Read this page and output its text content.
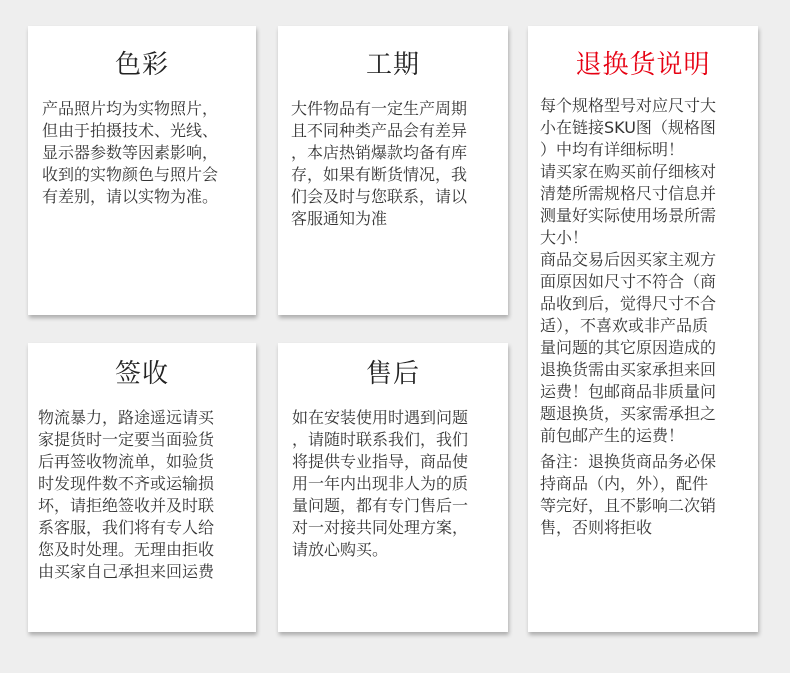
色彩

产品照片均为实物照片，

但由于拍摄技术、光线、

显示器参数等因素影响，

收到的实物颜色与照片会

有差别，请以实物为准。

工期

大件物品有一定生产周期

且不同种类产品会有差异

，本店热销爆款均备有库

存，如果有断货情况，我

们会及时与您联系，请以

客服通知为准

退换货说明

每个规格型号对应尺寸大

小在链接SKU图（规格图

）中均有详细标明！

请买家在购买前仔细核对

清楚所需规格尺寸信息并

测量好实际使用场景所需

大小！

商品交易后因买家主观方

面原因如尺寸不符合（商

品收到后，觉得尺寸不合

适），不喜欢或非产品质

量问题的其它原因造成的

退换货需由买家承担来回

运费！包邮商品非质量问

题退换货，买家需承担之

前包邮产生的运费！

备注：退换货商品务必保

持商品（内，外），配件

等完好，且不影响二次销

售，否则将拒收

签收

物流暴力，路途遥远请买

家提货时一定要当面验货

后再签收物流单，如验货

时发现件数不齐或运输损

坏，请拒绝签收并及时联

系客服，我们将有专人给

您及时处理。无理由拒收

由买家自己承担来回运费

售后

如在安装使用时遇到问题

，请随时联系我们，我们

将提供专业指导，商品使

用一年内出现非人为的质

量问题，都有专门售后一

对一对接共同处理方案，

请放心购买。
